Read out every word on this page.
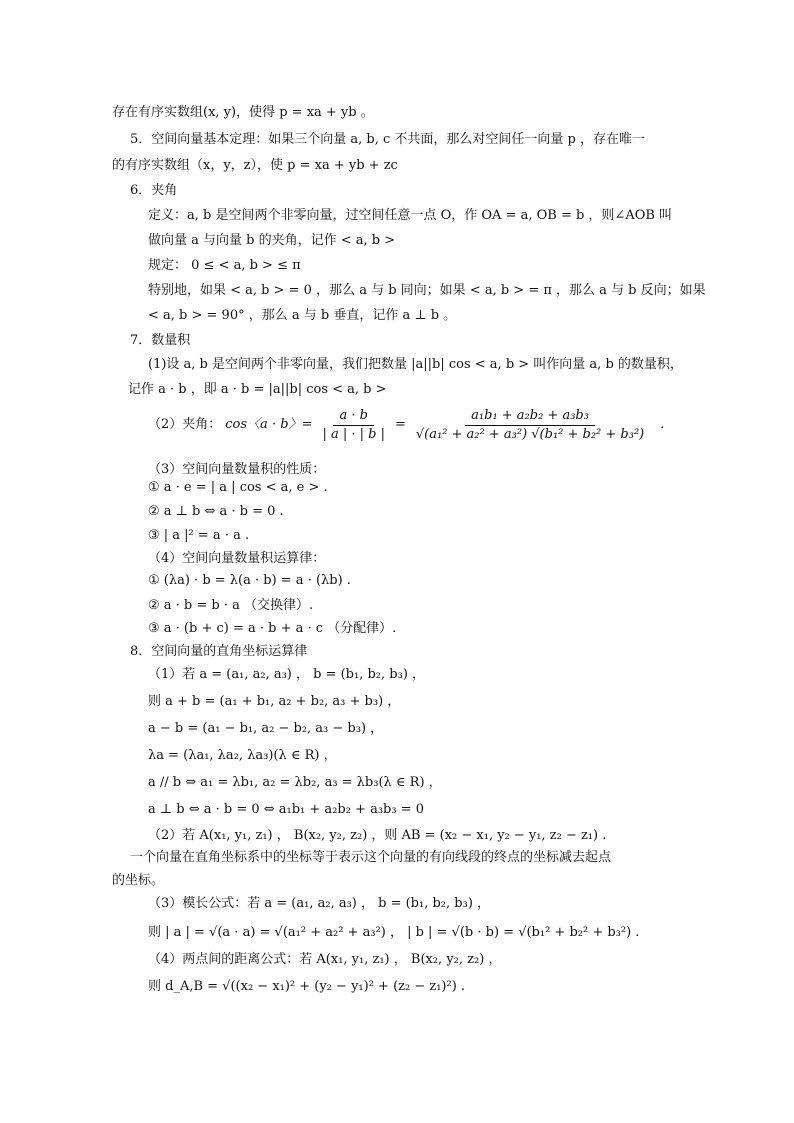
存在有序实数组(x, y)，使得 p = xa + yb 。
5．空间向量基本定理：如果三个向量 a, b, c 不共面，那么对空间任一向量 p ，存在唯一
的有序实数组（x，y，z），使 p = xa + yb + zc
6．夹角
定义：a, b 是空间两个非零向量，过空间任意一点 O，作 OA = a, OB = b ，则∠AOB 叫
做向量 a 与向量 b 的夹角，记作 < a, b >
规定： 0 ≤ < a, b > ≤ π
特别地，如果 < a, b > = 0 ，那么 a 与 b 同向；如果 < a, b > = π ，那么 a 与 b 反向；如果
< a, b > = 90° ，那么 a 与 b 垂直，记作 a ⊥ b 。
7．数量积
(1)设 a, b 是空间两个非零向量，我们把数量 |a||b| cos < a, b > 叫作向量 a, b 的数量积，
记作 a · b ，即 a · b = |a||b| cos < a, b >
（3）空间向量数量积的性质：
① a · e = | a | cos < a, e > .
② a ⊥ b ⇔ a · b = 0 .
③ | a |² = a · a .
（4）空间向量数量积运算律：
① (λa) · b = λ(a · b) = a · (λb) .
② a · b = b · a （交换律）.
③ a · (b + c) = a · b + a · c （分配律）.
8．空间向量的直角坐标运算律
（1）若 a = (a₁, a₂, a₃) ， b = (b₁, b₂, b₃) ，
则 a + b = (a₁ + b₁, a₂ + b₂, a₃ + b₃) ，
a − b = (a₁ − b₁, a₂ − b₂, a₃ − b₃) ，
λa = (λa₁, λa₂, λa₃)(λ ∈ R) ，
a // b ⇔ a₁ = λb₁, a₂ = λb₂, a₃ = λb₃(λ ∈ R) ，
a ⊥ b ⇔ a · b = 0 ⇔ a₁b₁ + a₂b₂ + a₃b₃ = 0
（2）若 A(x₁, y₁, z₁) ， B(x₂, y₂, z₂) ，则 AB = (x₂ − x₁, y₂ − y₁, z₂ − z₁) .
一个向量在直角坐标系中的坐标等于表示这个向量的有向线段的终点的坐标减去起点
的坐标。
（3）模长公式：若 a = (a₁, a₂, a₃) ， b = (b₁, b₂, b₃) ，
则 | a | = √(a · a) = √(a₁² + a₂² + a₃²) ， | b | = √(b · b) = √(b₁² + b₂² + b₃²) .
（4）两点间的距离公式：若 A(x₁, y₁, z₁) ， B(x₂, y₂, z₂) ，
则 d_A,B = √((x₂ − x₁)² + (y₂ − y₁)² + (z₂ − z₁)²) .
（2）夹角： cos〈a · b〉= $\frac{a \cdot b}{| a | \cdot | b |} = \frac{\text{a₁b₁ + a₂b₂ + a₃b₃}}{\text{√(a₁² + a₂² + a₃²) √(b₁² + b₂² + b₃²)}}$ .
